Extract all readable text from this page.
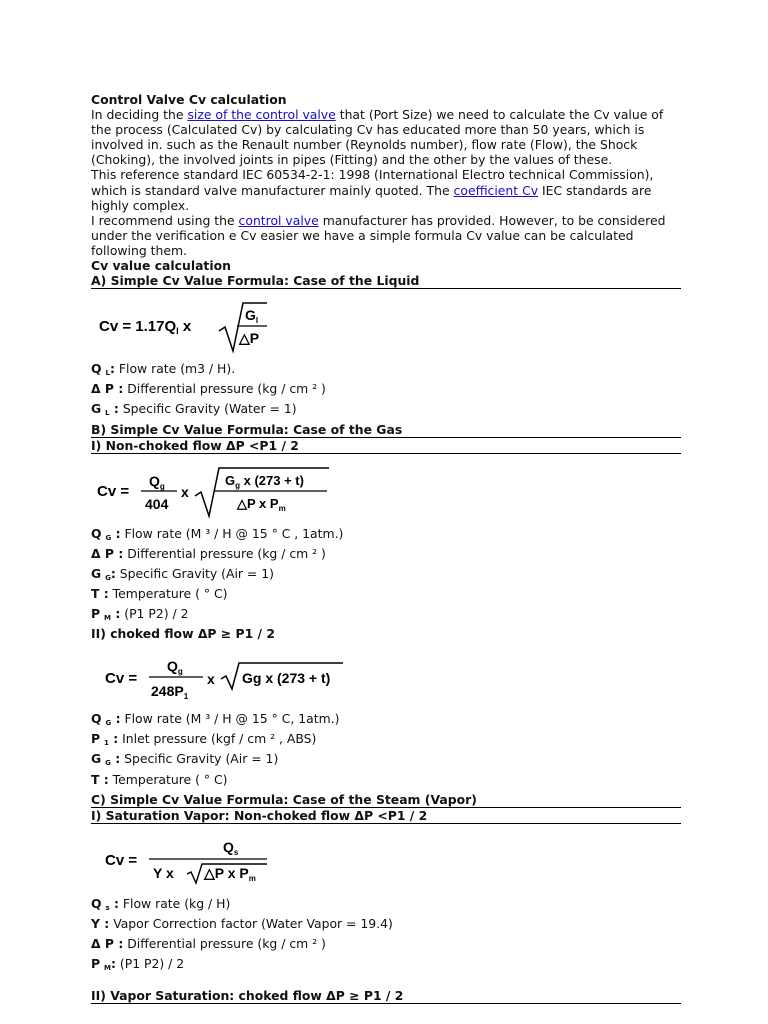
Control Valve Cv calculation

In deciding the size of the control valve that (Port Size) we need to calculate the Cv value of the process (Calculated Cv) by calculating Cv has educated more than 50 years, which is involved in. such as the Renault number (Reynolds number), flow rate (Flow), the Shock (Choking), the involved joints in pipes (Fitting) and the other by the values of these.

This reference standard IEC 60534-2-1: 1998 (International Electro technical Commission), which is standard valve manufacturer mainly quoted. The coefficient Cv IEC standards are highly complex.

I recommend using the control valve manufacturer has provided. However, to be considered under the verification e Cv easier we have a simple formula Cv value can be calculated following them.

Cv value calculation
A) Simple Cv Value Formula: Case of the Liquid
$Cv = 1.17Q_l$ x
$G_l$
△P
Q $_L$: Flow rate (m3 / H).
Δ P : Differential pressure (kg / cm ² )
G $_L$ : Specific Gravity (Water = 1)
B) Simple Cv Value Formula: Case of the Gas
I) Non-choked flow ΔP <P1 / 2
Cv =
$Q_g$
404
x
$G_g$ x (273 + t)
△P x $P_m$
Q $_G$ : Flow rate (M ³ / H @ 15 ° C , 1atm.)
Δ P : Differential pressure (kg / cm ² )
G $_G$: Specific Gravity (Air = 1)
T : Temperature ( ° C)
P $_M$ : (P1 P2) / 2
II) choked flow ΔP ≥ P1 / 2
Cv =
$Q_g$
$248P_1$
x Gg x (273 + t)
Q $_G$ : Flow rate (M ³ / H @ 15 ° C, 1atm.)
P $_1$ : Inlet pressure (kgf / cm ² , ABS)
G $_G$ : Specific Gravity (Air = 1)
T : Temperature ( ° C)
C) Simple Cv Value Formula: Case of the Steam (Vapor)
I) Saturation Vapor: Non-choked flow ΔP <P1 / 2
Cv =
$Q_s$
Y x △P x $P_m$
Q $_s$ : Flow rate (kg / H)
Y : Vapor Correction factor (Water Vapor = 19.4)
Δ P : Differential pressure (kg / cm ² )
P $_M$: (P1 P2) / 2
II) Vapor Saturation: choked flow ΔP ≥ P1 / 2
